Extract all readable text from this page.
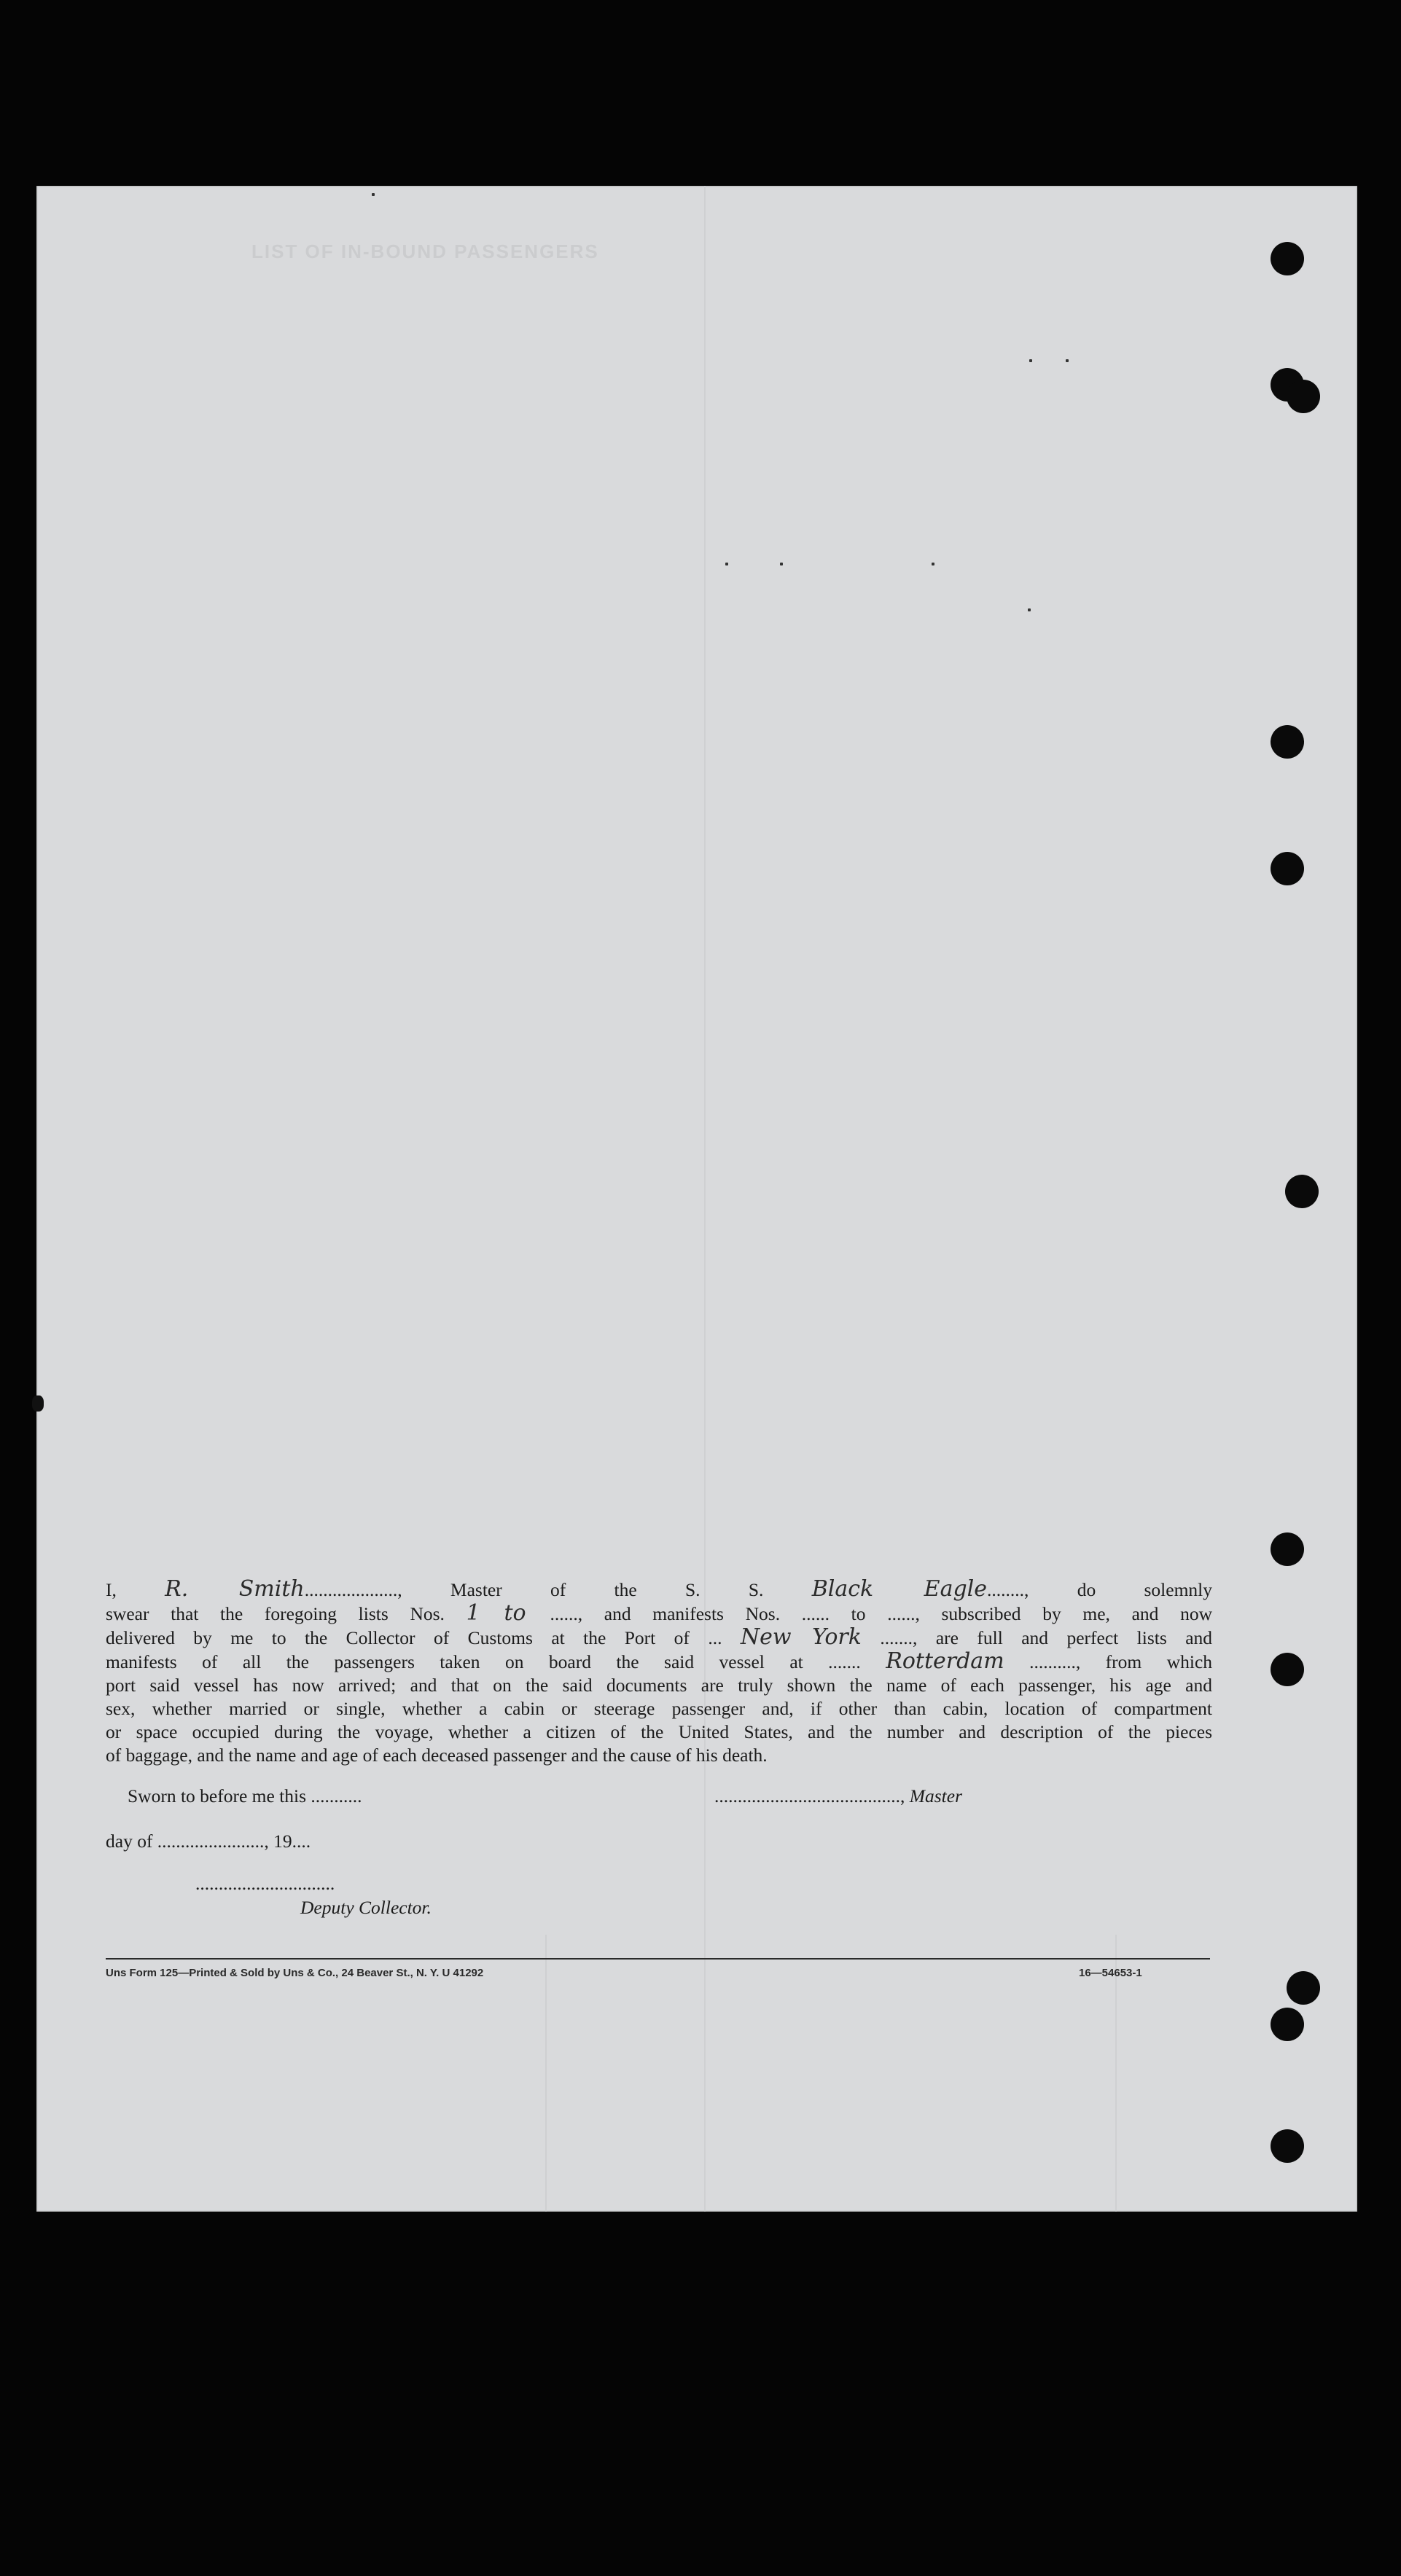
LIST OF IN-BOUND PASSENGERS
I, R. Smith...................., Master of the S. S. Black Eagle........, do solemnly
swear that the foregoing lists Nos. 1 to ......, and manifests Nos. ...... to ......, subscribed by me, and now
delivered by me to the Collector of Customs at the Port of ... New York ......., are full and perfect lists and
manifests of all the passengers taken on board the said vessel at ....... Rotterdam .........., from which
port said vessel has now arrived; and that on the said documents are truly shown the name of each passenger, his age and
sex, whether married or single, whether a cabin or steerage passenger and, if other than cabin, location of compartment
or space occupied during the voyage, whether a citizen of the United States, and the number and description of the pieces
of baggage, and the name and age of each deceased passenger and the cause of his death.
Sworn to before me this ...........	........................................, Master
day of ......................., 19....
..............................
Deputy Collector.
Uns Form 125—Printed & Sold by Uns & Co., 24 Beaver St., N. Y. U 41292	16—54653-1
